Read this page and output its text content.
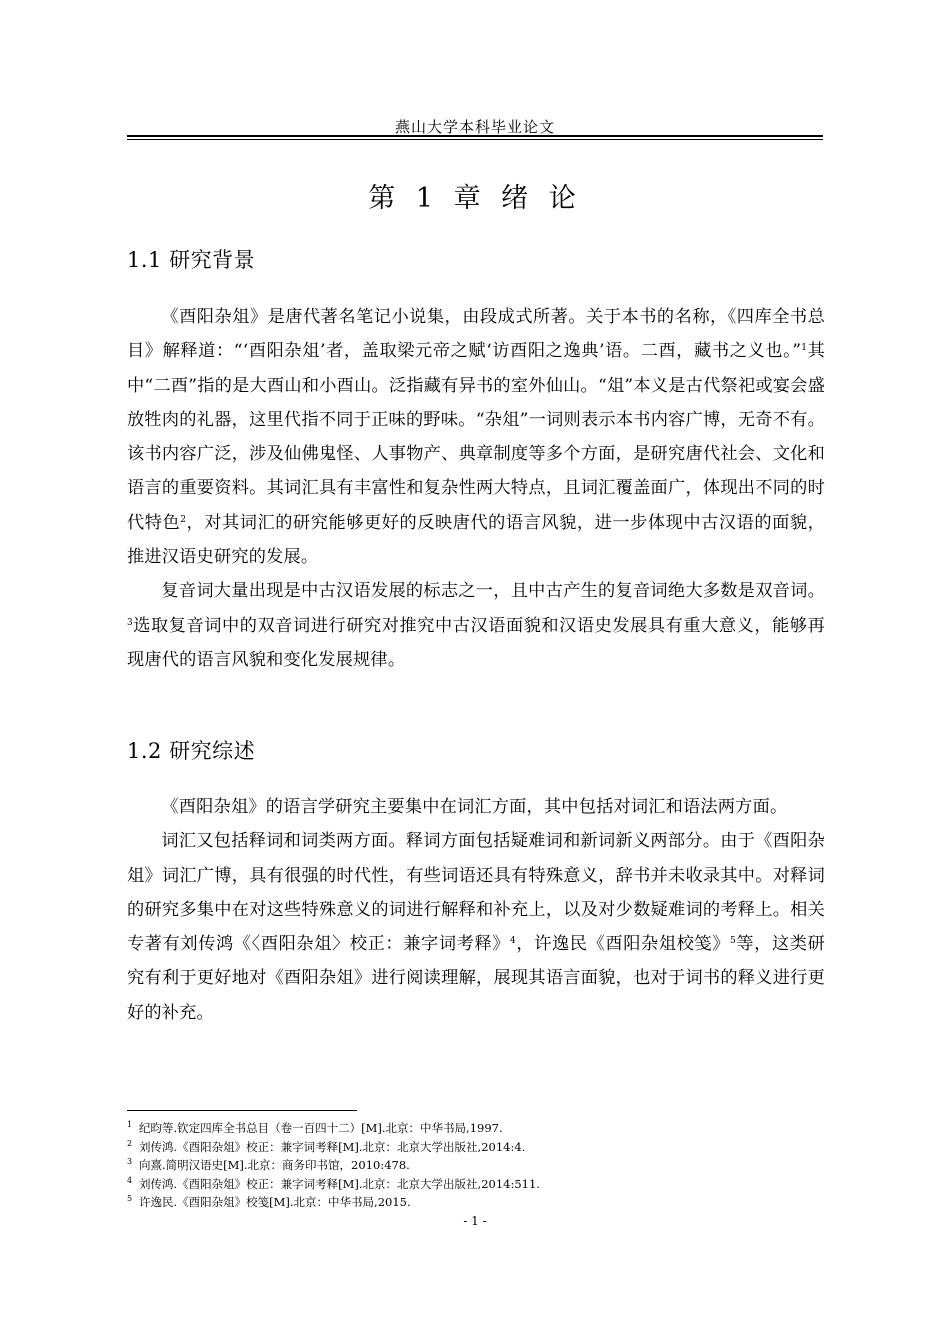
燕山大学本科毕业论文
第 1 章 绪 论
1.1 研究背景

《酉阳杂俎》是唐代著名笔记小说集，由段成式所著。关于本书的名称，《四库全书总目》解释道：“‘酉阳杂俎’者，盖取梁元帝之赋‘访酉阳之逸典’语。二酉，藏书之义也。”$^1$其中“二酉”指的是大酉山和小酉山。泛指藏有异书的室外仙山。“俎”本义是古代祭祀或宴会盛放牲肉的礼器，这里代指不同于正味的野味。“杂俎”一词则表示本书内容广博，无奇不有。该书内容广泛，涉及仙佛鬼怪、人事物产、典章制度等多个方面，是研究唐代社会、文化和语言的重要资料。其词汇具有丰富性和复杂性两大特点，且词汇覆盖面广，体现出不同的时代特色$^2$，对其词汇的研究能够更好的反映唐代的语言风貌，进一步体现中古汉语的面貌，推进汉语史研究的发展。

复音词大量出现是中古汉语发展的标志之一，且中古产生的复音词绝大多数是双音词。$^3$选取复音词中的双音词进行研究对推究中古汉语面貌和汉语史发展具有重大意义，能够再现唐代的语言风貌和变化发展规律。

1.2 研究综述

《酉阳杂俎》的语言学研究主要集中在词汇方面，其中包括对词汇和语法两方面。

词汇又包括释词和词类两方面。释词方面包括疑难词和新词新义两部分。由于《酉阳杂俎》词汇广博，具有很强的时代性，有些词语还具有特殊意义，辞书并未收录其中。对释词的研究多集中在对这些特殊意义的词进行解释和补充上，以及对少数疑难词的考释上。相关专著有刘传鸿《〈酉阳杂俎〉校正：兼字词考释》$^4$，许逸民《酉阳杂俎校笺》$^5$等，这类研究有利于更好地对《酉阳杂俎》进行阅读理解，展现其语言面貌，也对于词书的释义进行更好的补充。

1 纪昀等.钦定四库全书总目（卷一百四十二）[M].北京：中华书局,1997.
2 刘传鸿.《酉阳杂俎》校正：兼字词考释[M].北京：北京大学出版社,2014:4.
3 向熹.简明汉语史[M].北京：商务印书馆，2010:478.
4 刘传鸿.《酉阳杂俎》校正：兼字词考释[M].北京：北京大学出版社,2014:511.
5 许逸民.《酉阳杂俎》校笺[M].北京：中华书局,2015.
- 1 -
